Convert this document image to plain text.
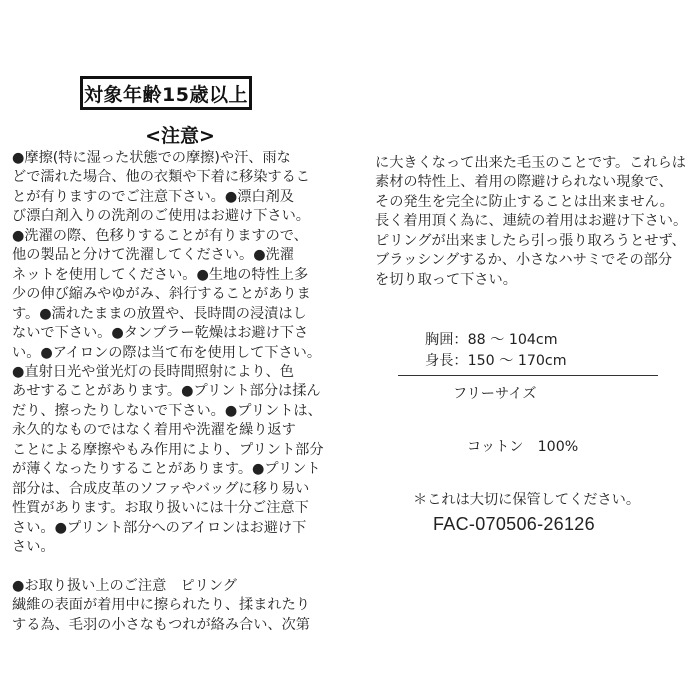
対象年齢15歳以上
<注意>
●摩擦(特に湿った状態での摩擦)や汗、雨な
どで濡れた場合、他の衣類や下着に移染するこ
とが有りますのでご注意下さい。●漂白剤及
び漂白剤入りの洗剤のご使用はお避け下さい。
●洗濯の際、色移りすることが有りますので、
他の製品と分けて洗濯してください。●洗濯
ネットを使用してください。●生地の特性上多
少の伸び縮みやゆがみ、斜行することがありま
す。●濡れたままの放置や、長時間の浸漬はし
ないで下さい。●タンブラー乾燥はお避け下さ
い。●アイロンの際は当て布を使用して下さい。
●直射日光や蛍光灯の長時間照射により、色
あせすることがあります。●プリント部分は揉ん
だり、擦ったりしないで下さい。●プリントは、
永久的なものではなく着用や洗濯を繰り返す
ことによる摩擦やもみ作用により、プリント部分
が薄くなったりすることがあります。●プリント
部分は、合成皮革のソファやバッグに移り易い
性質があります。お取り扱いには十分ご注意下
さい。●プリント部分へのアイロンはお避け下
さい。
●お取り扱い上のご注意　ピリング
繊維の表面が着用中に擦られたり、揉まれたり
する為、毛羽の小さなもつれが絡み合い、次第
に大きくなって出来た毛玉のことです。これらは
素材の特性上、着用の際避けられない現象で、
その発生を完全に防止することは出来ません。
長く着用頂く為に、連続の着用はお避け下さい。
ピリングが出来ましたら引っ張り取ろうとせず、
ブラッシングするか、小さなハサミでその部分
を切り取って下さい。
胸囲：88 ～ 104cm
身長：150 ～ 170cm
フリーサイズ
コットン　100%
＊これは大切に保管してください。
FAC-070506-26126
